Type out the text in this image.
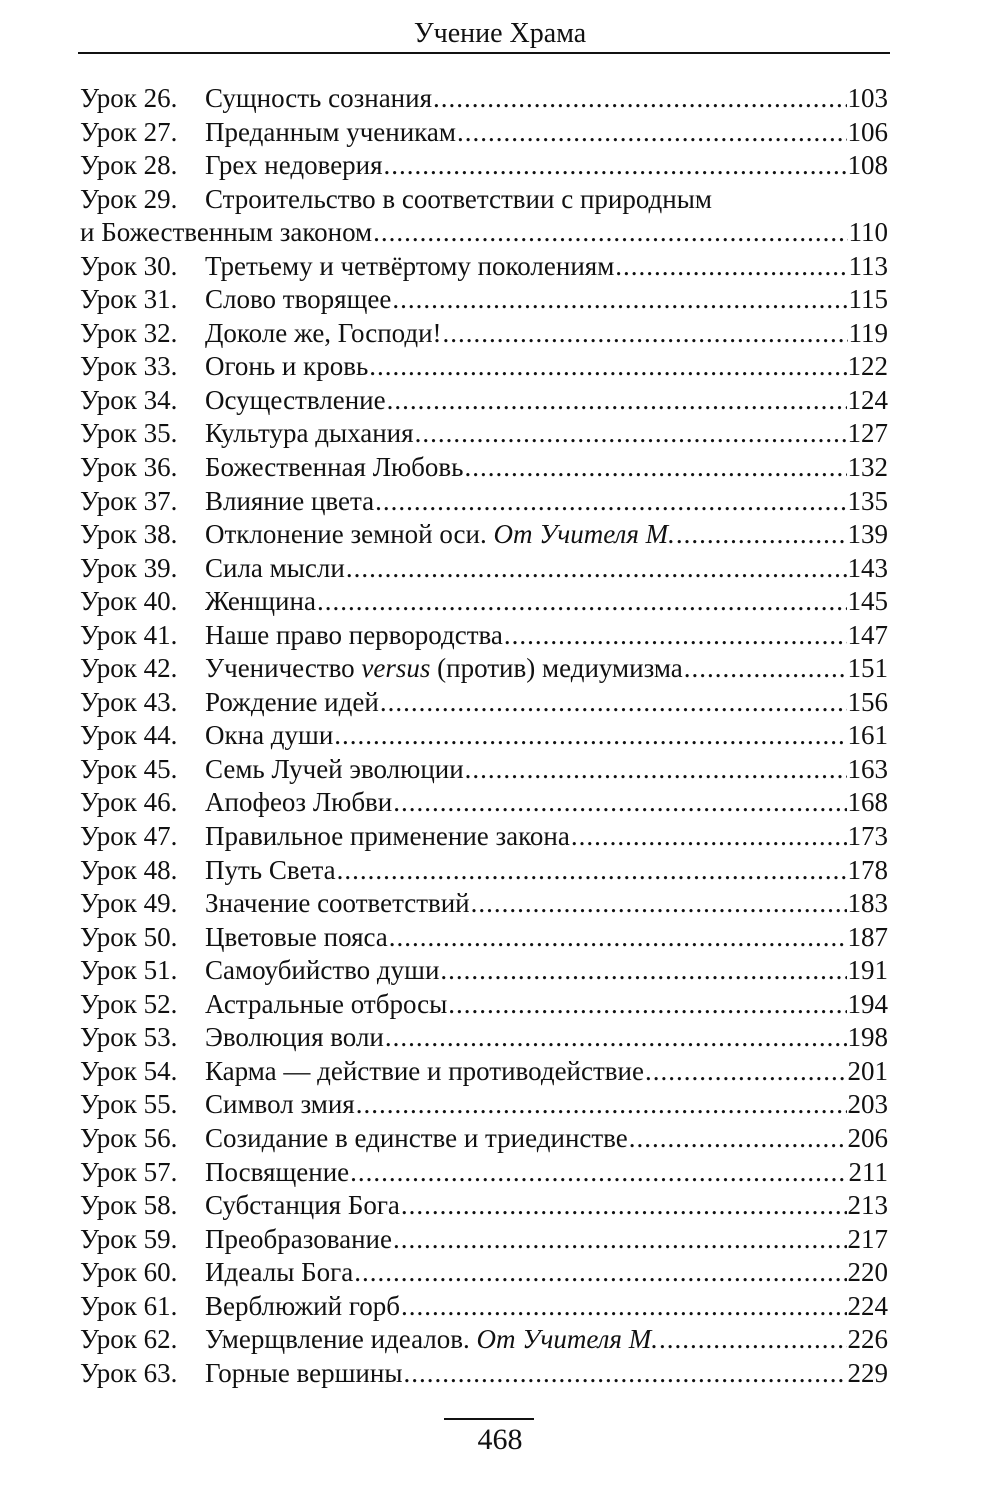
Учение Храма
Урок 26.	Сущность сознания .....	103
Урок 27.	Преданным ученикам .....	106
Урок 28.	Грех недоверия .....	108
Урок 29.	Строительство в соответствии с природным
и Божественным законом .....	110
Урок 30.	Третьему и четвёртому поколениям .....	113
Урок 31.	Слово творящее .....	115
Урок 32.	Доколе же, Господи! .....	119
Урок 33.	Огонь и кровь .....	122
Урок 34.	Осуществление .....	124
Урок 35.	Культура дыхания .....	127
Урок 36.	Божественная Любовь .....	132
Урок 37.	Влияние цвета .....	135
Урок 38.	Отклонение земной оси. От Учителя М. .....	139
Урок 39.	Сила мысли .....	143
Урок 40.	Женщина .....	145
Урок 41.	Наше право первородства .....	147
Урок 42.	Ученичество versus (против) медиумизма .....	151
Урок 43.	Рождение идей .....	156
Урок 44.	Окна души .....	161
Урок 45.	Семь Лучей эволюции .....	163
Урок 46.	Апофеоз Любви .....	168
Урок 47.	Правильное применение закона .....	173
Урок 48.	Путь Света .....	178
Урок 49.	Значение соответствий .....	183
Урок 50.	Цветовые пояса .....	187
Урок 51.	Самоубийство души .....	191
Урок 52.	Астральные отбросы .....	194
Урок 53.	Эволюция воли .....	198
Урок 54.	Карма — действие и противодействие .....	201
Урок 55.	Символ змия .....	203
Урок 56.	Созидание в единстве и триединстве .....	206
Урок 57.	Посвящение .....	211
Урок 58.	Субстанция Бога .....	213
Урок 59.	Преобразование .....	217
Урок 60.	Идеалы Бога .....	220
Урок 61.	Верблюжий горб .....	224
Урок 62.	Умерщвление идеалов. От Учителя М. .....	226
Урок 63.	Горные вершины .....	229
468
